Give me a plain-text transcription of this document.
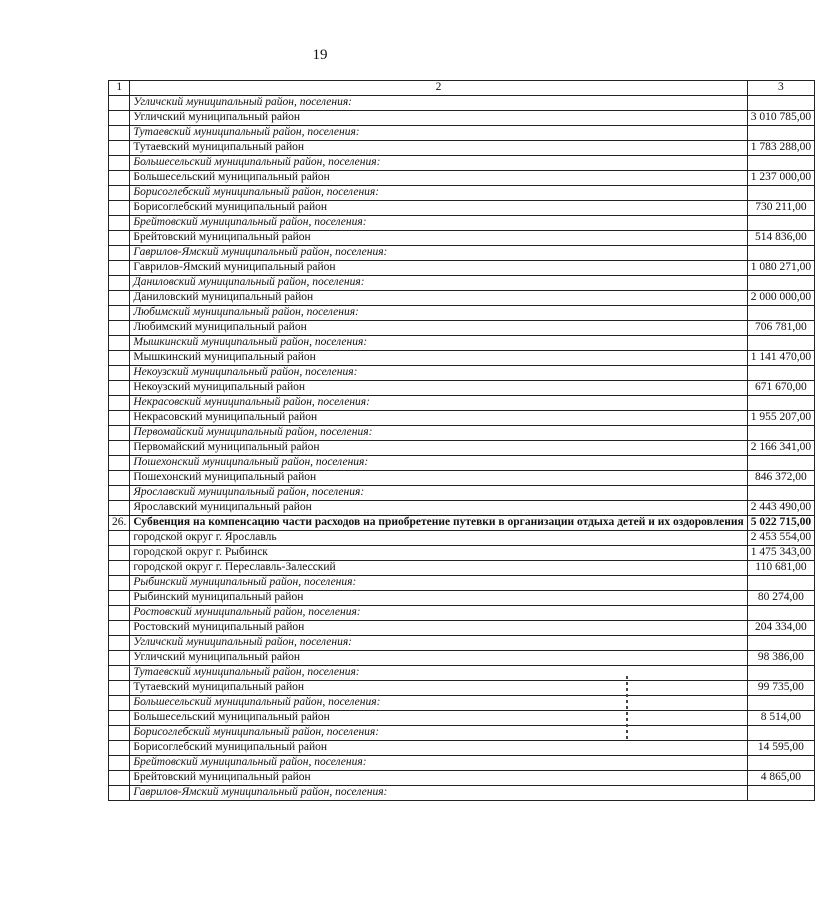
19
1	2	3
	Угличский муниципальный район, поселения:	
	Угличский муниципальный район	3 010 785,00
	Тутаевский муниципальный район, поселения:	
	Тутаевский муниципальный район	1 783 288,00
	Большесельский муниципальный район, поселения:	
	Большесельский муниципальный район	1 237 000,00
	Борисоглебский муниципальный район, поселения:	
	Борисоглебский муниципальный район	730 211,00
	Брейтовский муниципальный район, поселения:	
	Брейтовский муниципальный район	514 836,00
	Гаврилов-Ямский муниципальный район, поселения:	
	Гаврилов-Ямский муниципальный район	1 080 271,00
	Даниловский муниципальный район, поселения:	
	Даниловский муниципальный район	2 000 000,00
	Любимский муниципальный район, поселения:	
	Любимский муниципальный район	706 781,00
	Мышкинский муниципальный район, поселения:	
	Мышкинский муниципальный район	1 141 470,00
	Некоузский муниципальный район, поселения:	
	Некоузский муниципальный район	671 670,00
	Некрасовский муниципальный район, поселения:	
	Некрасовский муниципальный район	1 955 207,00
	Первомайский муниципальный район, поселения:	
	Первомайский муниципальный район	2 166 341,00
	Пошехонский муниципальный район, поселения:	
	Пошехонский муниципальный район	846 372,00
	Ярославский муниципальный район, поселения:	
	Ярославский муниципальный район	2 443 490,00
26.	Субвенция на компенсацию части расходов на приобретение путевки в организации отдыха детей и их оздоровления	5 022 715,00
	городской округ г. Ярославль	2 453 554,00
	городской округ г. Рыбинск	1 475 343,00
	городской округ г. Переславль-Залесский	110 681,00
	Рыбинский муниципальный район, поселения:	
	Рыбинский муниципальный район	80 274,00
	Ростовский муниципальный район, поселения:	
	Ростовский муниципальный район	204 334,00
	Угличский муниципальный район, поселения:	
	Угличский муниципальный район	98 386,00
	Тутаевский муниципальный район, поселения:	
	Тутаевский муниципальный район	99 735,00
	Большесельский муниципальный район, поселения:	
	Большесельский муниципальный район	8 514,00
	Борисоглебский муниципальный район, поселения:	
	Борисоглебский муниципальный район	14 595,00
	Брейтовский муниципальный район, поселения:	
	Брейтовский муниципальный район	4 865,00
	Гаврилов-Ямский муниципальный район, поселения:	
